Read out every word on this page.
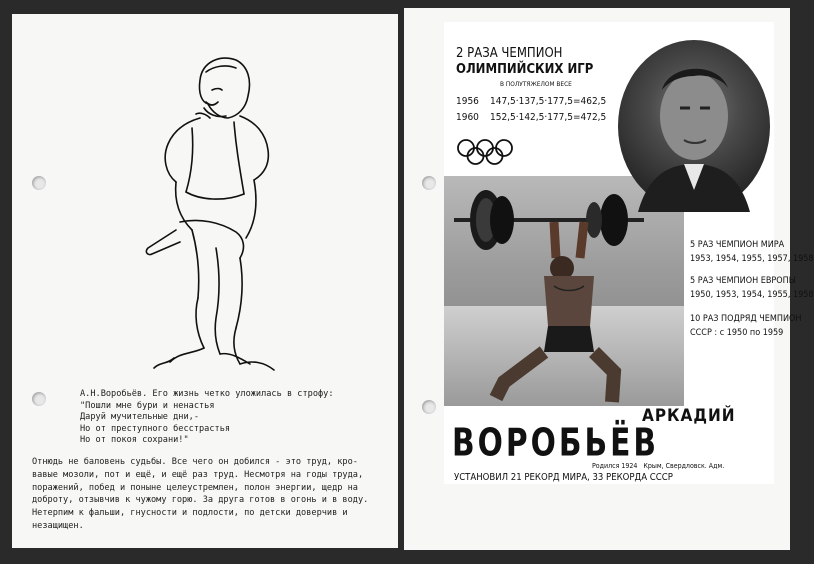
А.Н.Воробьёв. Его жизнь четко уложилась в строфу:
"Пошли мне бури и ненастья
Даруй мучительные дни,-
Но от преступного бесстрастья
Но от покоя сохрани!"
Отнюдь не баловень судьбы. Все чего он добился - это труд, кро-
вавые мозоли, пот и ещё, и ещё раз труд. Несмотря на годы труда,
поражений, побед и поныне целеустремлен, полон энергии, щедр на
доброту, отзывчив к чужому горю. За друга готов в огонь и в воду.
Нетерпим к фальши, гнусности и подлости, по детски доверчив и
незащищен.
2 РАЗА ЧЕМПИОН
ОЛИМПИЙСКИХ ИГР
В ПОЛУТЯЖЕЛОМ ВЕСЕ
1956 147,5·137,5·177,5=462,5
1960 152,5·142,5·177,5=472,5
5 РАЗ ЧЕМПИОН МИРА
1953, 1954, 1955, 1957, 1958
5 РАЗ ЧЕМПИОН ЕВРОПЫ
1950, 1953, 1954, 1955, 1958
10 РАЗ ПОДРЯД ЧЕМПИОН
СССР : с 1950 по 1959
АРКАДИЙ
ВОРОБЬЁВ
Родился 1924   Крым, Свердловск. Адм.
УСТАНОВИЛ 21 РЕКОРД МИРА, 33 РЕКОРДА СССР
